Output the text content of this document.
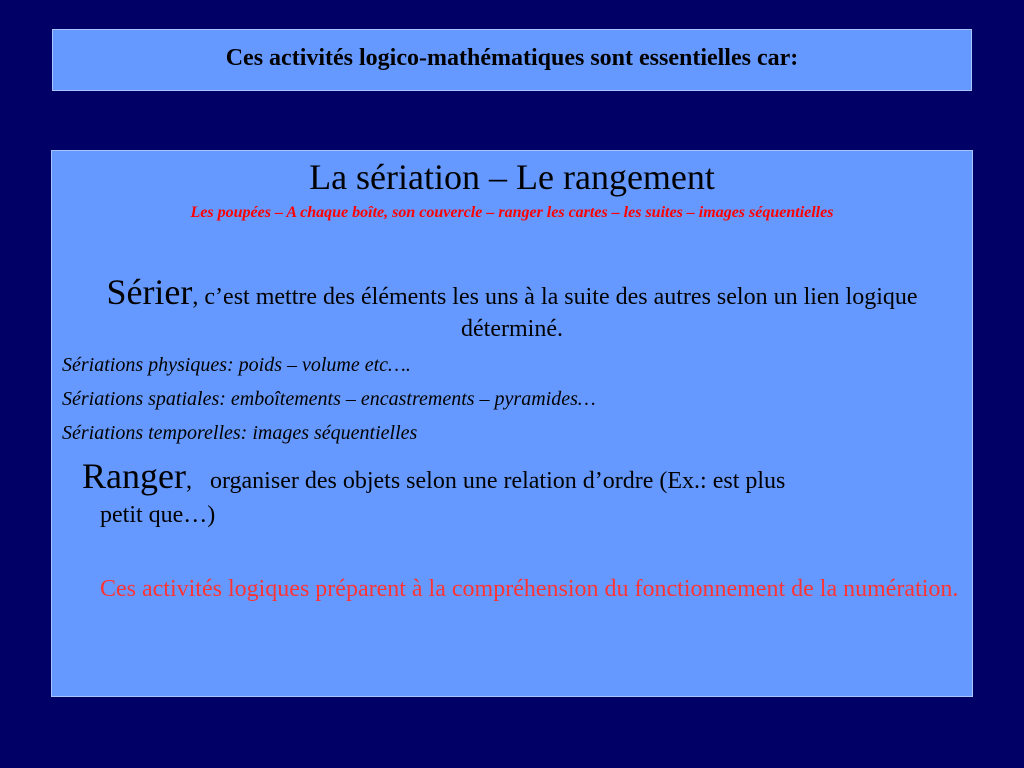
Ces activités logico-mathématiques sont essentielles car:
La sériation – Le rangement
Les poupées – A chaque boîte, son couvercle – ranger les cartes – les suites – images séquentielles
Sérier, c’est mettre des éléments les uns à la suite des autres selon un lien logique déterminé.
Sériations physiques: poids – volume etc….
Sériations spatiales: emboîtements – encastrements – pyramides…
Sériations temporelles: images séquentielles
Ranger, organiser des objets selon une relation d’ordre (Ex.: est plus
petit que…)
Ces activités logiques préparent à la compréhension du fonctionnement de la numération.
